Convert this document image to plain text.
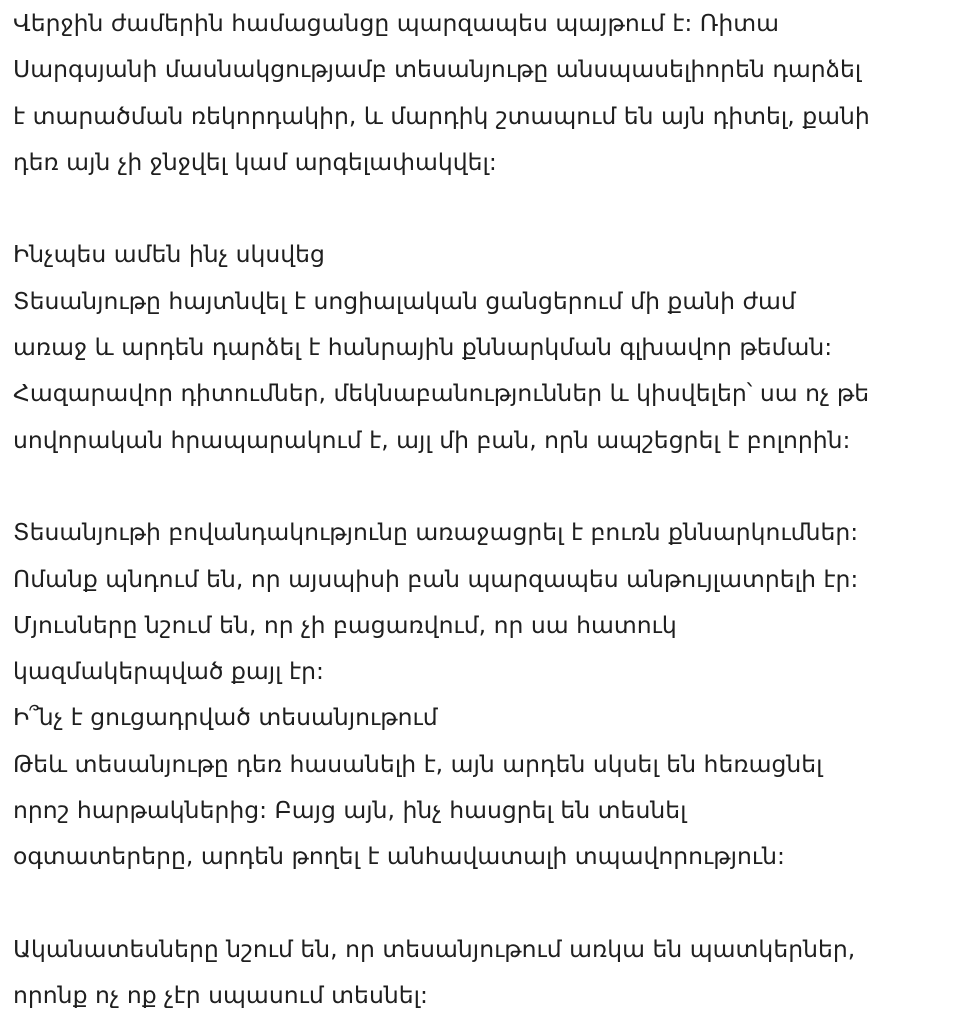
Վերջին ժամերին համացանցը պարզապես պայթում է: Ռիտա
Սարգսյանի մասնակցությամբ տեսանյութը անսպասելիորեն դարձել
է տարածման ռեկորդակիր, և մարդիկ շտապում են այն դիտել, քանի
դեռ այն չի ջնջվել կամ արգելափակվել:

Ինչպես ամեն ինչ սկսվեց
Տեսանյութը հայտնվել է սոցիալական ցանցերում մի քանի ժամ
առաջ և արդեն դարձել է հանրային քննարկման գլխավոր թեման:
Հազարավոր դիտումներ, մեկնաբանություններ և կիսվելեր՝ սա ոչ թե
սովորական հրապարակում է, այլ մի բան, որն ապշեցրել է բոլորին:

Տեսանյութի բովանդակությունը առաջացրել է բուռն քննարկումներ:
Ոմանք պնդում են, որ այսպիսի բան պարզապես անթույլատրելի էր:
Մյուսները նշում են, որ չի բացառվում, որ սա հատուկ
կազմակերպված քայլ էր:
Ի՞նչ է ցուցադրված տեսանյութում
Թեև տեսանյութը դեռ հասանելի է, այն արդեն սկսել են հեռացնել
որոշ հարթակներից: Բայց այն, ինչ հասցրել են տեսնել
օգտատերերը, արդեն թողել է անհավատալի տպավորություն:

Ականատեսները նշում են, որ տեսանյութում առկա են պատկերներ,
որոնք ոչ ոք չէր սպասում տեսնել:
